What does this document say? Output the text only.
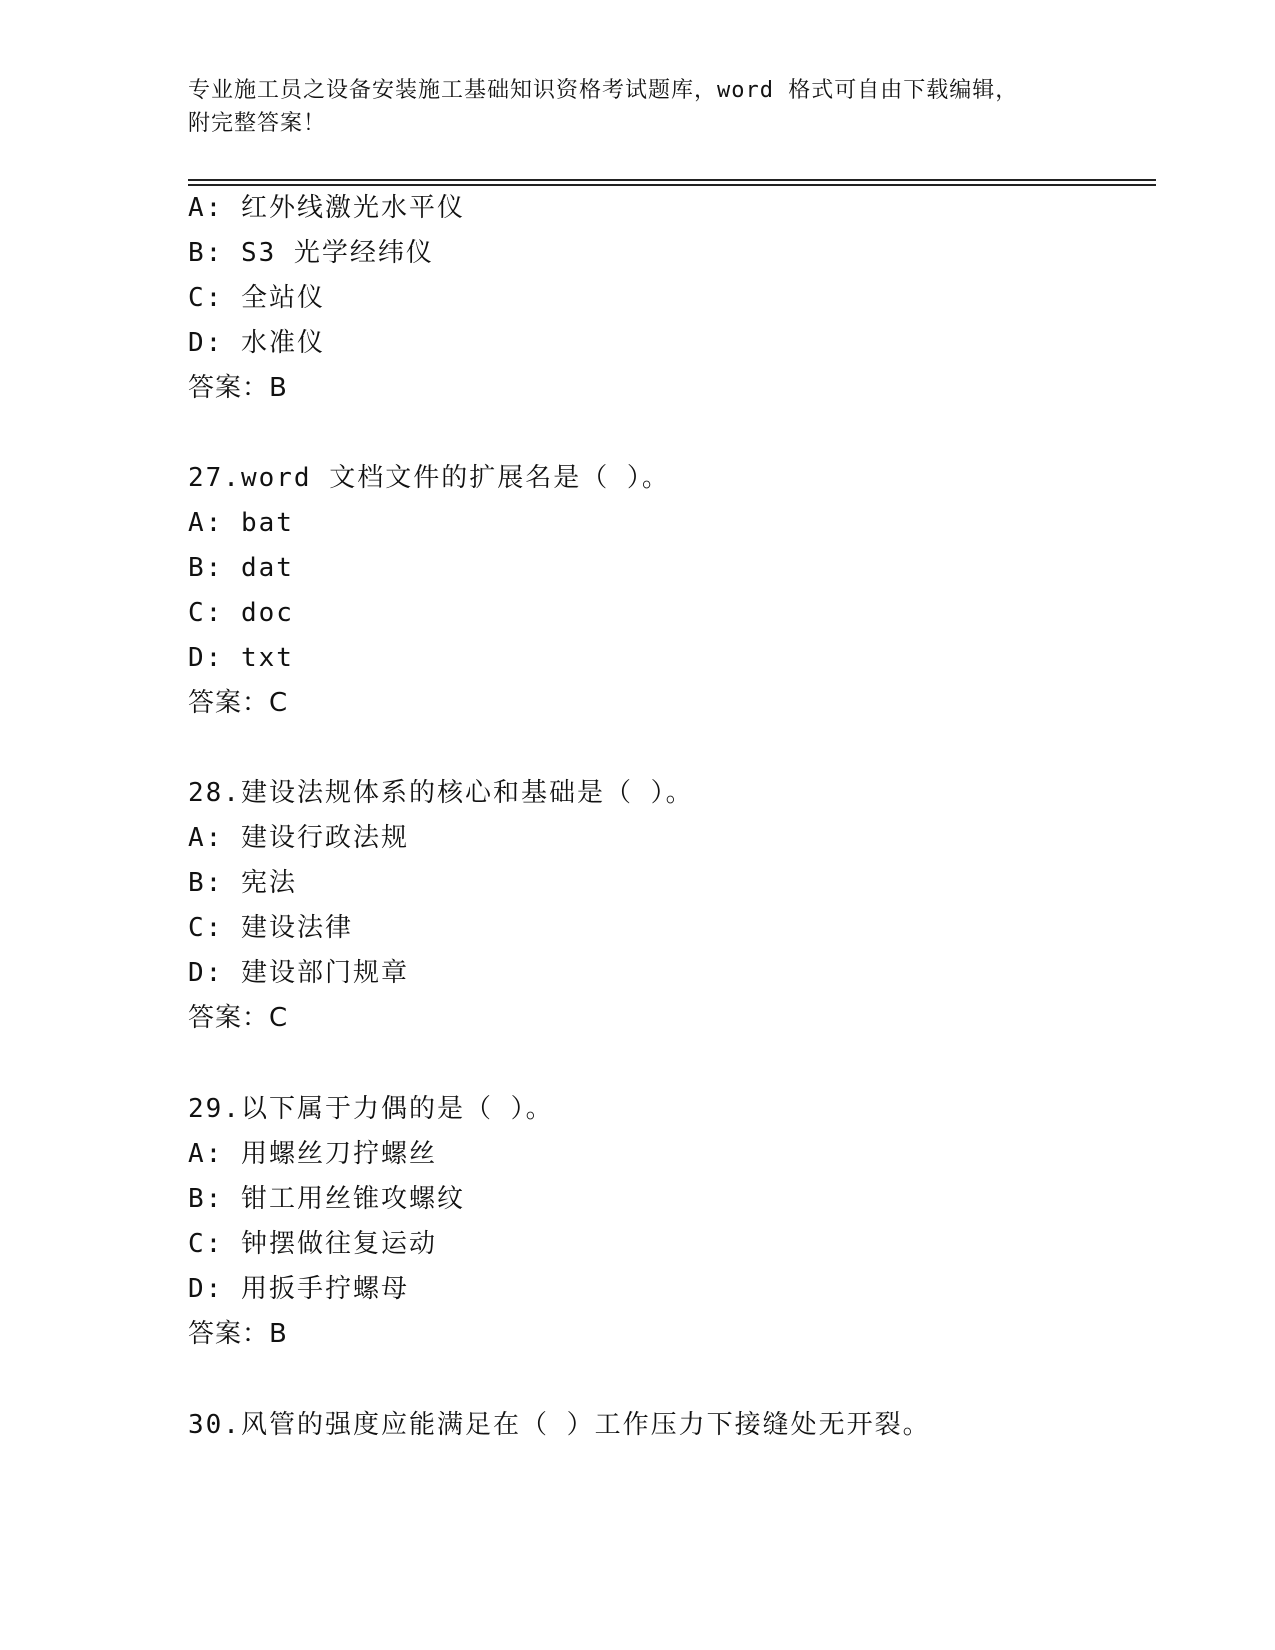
专业施工员之设备安装施工基础知识资格考试题库，word 格式可自由下载编辑，
附完整答案！
A: 红外线激光水平仪
B: S3 光学经纬仪
C: 全站仪
D: 水准仪
答案：B
27.word 文档文件的扩展名是（ ）。
A: bat
B: dat
C: doc
D: txt
答案：C
28.建设法规体系的核心和基础是（ ）。
A: 建设行政法规
B: 宪法
C: 建设法律
D: 建设部门规章
答案：C
29.以下属于力偶的是（ ）。
A: 用螺丝刀拧螺丝
B: 钳工用丝锥攻螺纹
C: 钟摆做往复运动
D: 用扳手拧螺母
答案：B
30.风管的强度应能满足在（ ）工作压力下接缝处无开裂。
